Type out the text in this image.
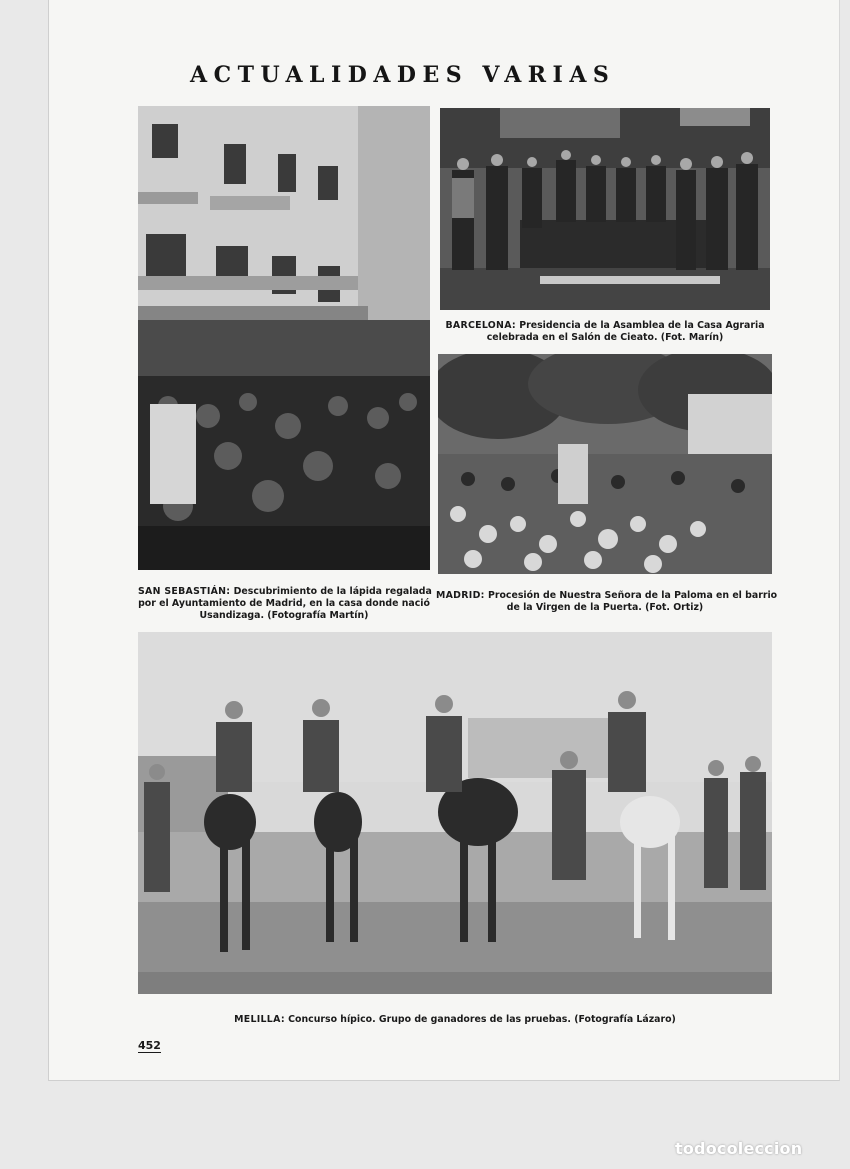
ACTUALIDADES VARIAS
BARCELONA: Presidencia de la Asamblea de la Casa Agraria
celebrada en el Salón de Cieato. (Fot. Marín)
SAN SEBASTIÁN: Descubrimiento de la lápida regalada
por el Ayuntamiento de Madrid, en la casa donde nació
Usandizaga. (Fotografía Martín)
MADRID: Procesión de Nuestra Señora de la Paloma en el barrio
de la Virgen de la Puerta. (Fot. Ortiz)
MELILLA: Concurso hípico. Grupo de ganadores de las pruebas. (Fotografía Lázaro)
452
todocoleccion
